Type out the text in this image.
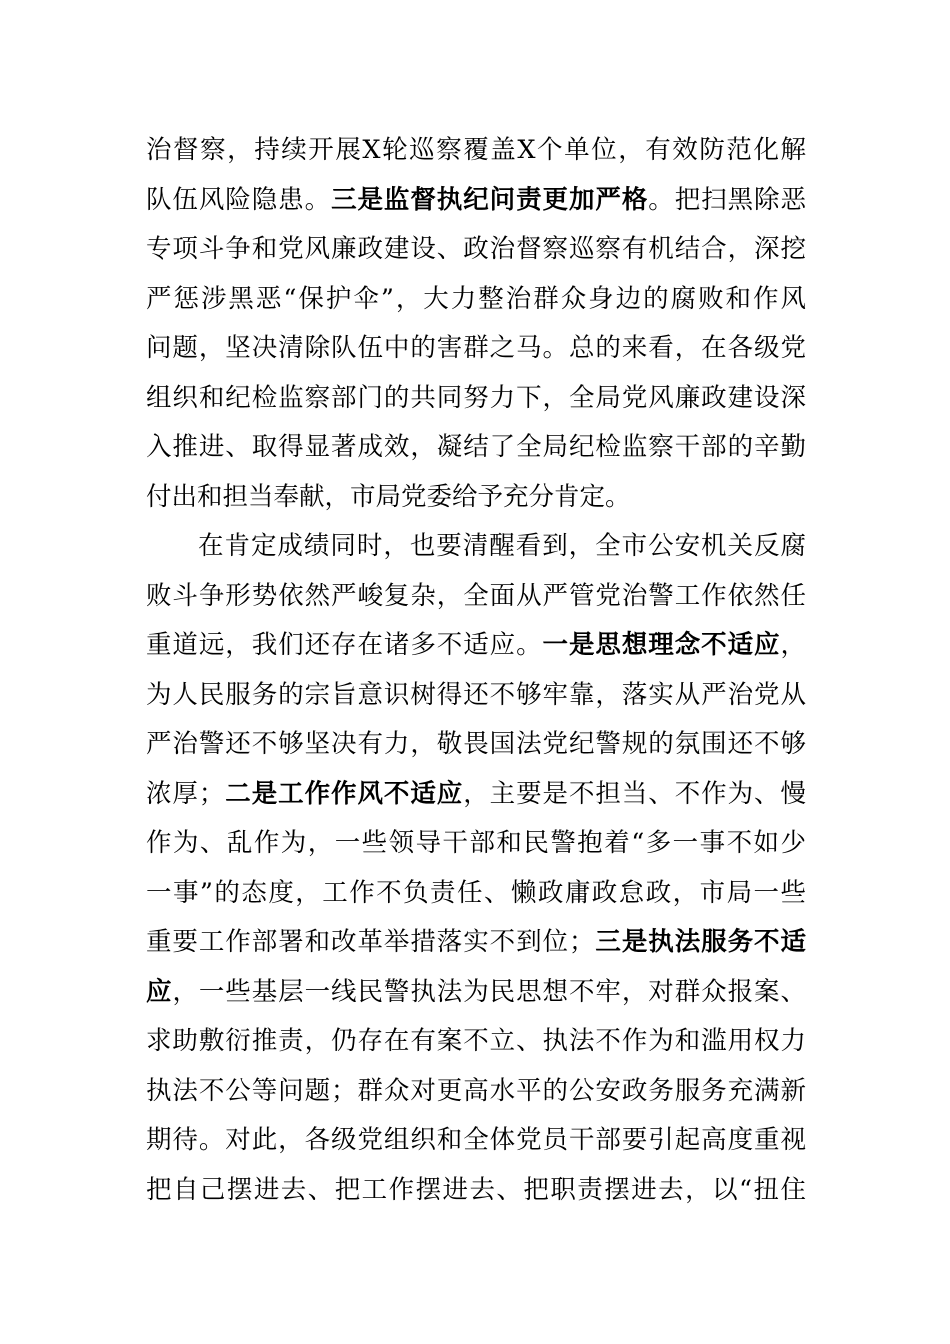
治督察，持续开展X轮巡察覆盖X个单位，有效防范化解
队伍风险隐患。三是监督执纪问责更加严格。把扫黑除恶
专项斗争和党风廉政建设、政治督察巡察有机结合，深挖
严惩涉黑恶“保护伞”，大力整治群众身边的腐败和作风
问题，坚决清除队伍中的害群之马。总的来看，在各级党
组织和纪检监察部门的共同努力下，全局党风廉政建设深
入推进、取得显著成效，凝结了全局纪检监察干部的辛勤
付出和担当奉献，市局党委给予充分肯定。
在肯定成绩同时，也要清醒看到，全市公安机关反腐
败斗争形势依然严峻复杂，全面从严管党治警工作依然任
重道远，我们还存在诸多不适应。一是思想理念不适应，
为人民服务的宗旨意识树得还不够牢靠，落实从严治党从
严治警还不够坚决有力，敬畏国法党纪警规的氛围还不够
浓厚；二是工作作风不适应，主要是不担当、不作为、慢
作为、乱作为，一些领导干部和民警抱着“多一事不如少
一事”的态度，工作不负责任、懒政庸政怠政，市局一些
重要工作部署和改革举措落实不到位；三是执法服务不适
应，一些基层一线民警执法为民思想不牢，对群众报案、
求助敷衍推责，仍存在有案不立、执法不作为和滥用权力
执法不公等问题；群众对更高水平的公安政务服务充满新
期待。对此，各级党组织和全体党员干部要引起高度重视
把自己摆进去、把工作摆进去、把职责摆进去，以“扭住
